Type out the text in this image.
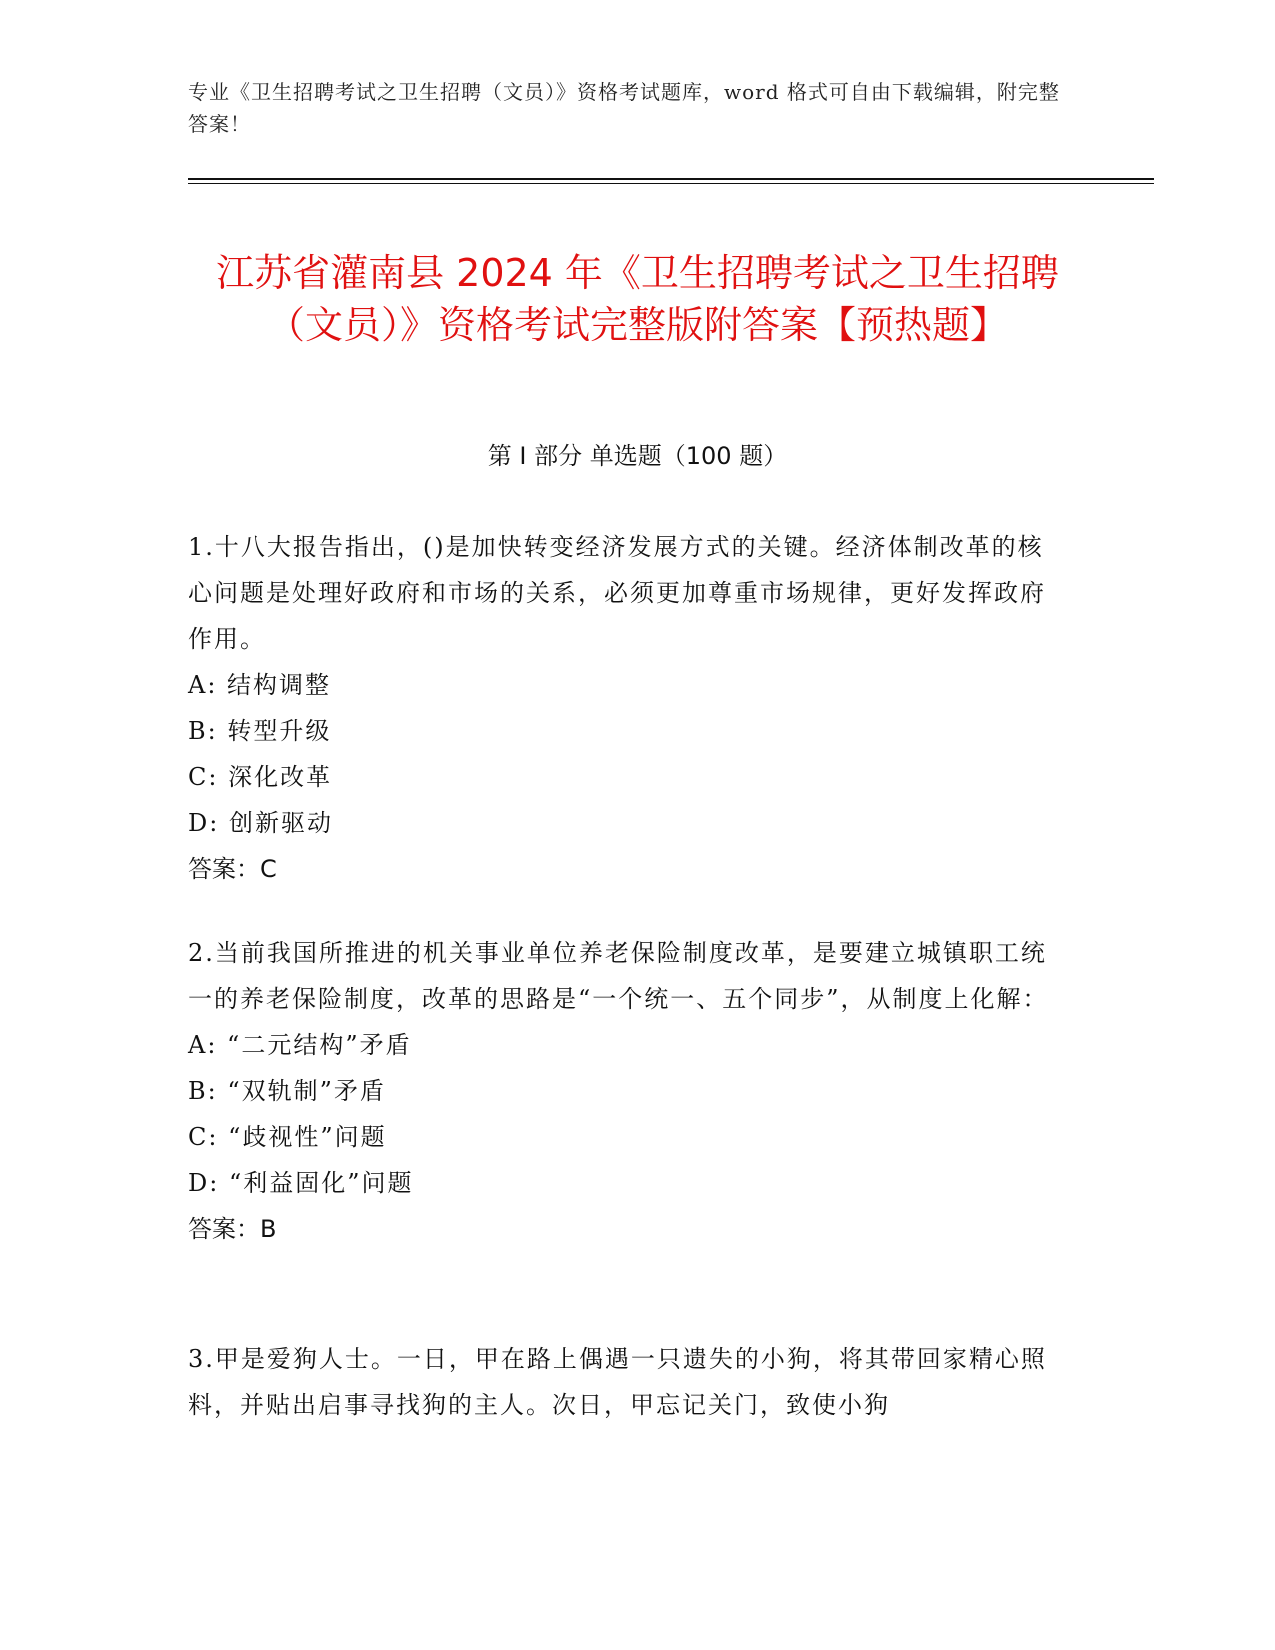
专业《卫生招聘考试之卫生招聘（文员）》资格考试题库，word 格式可自由下载编辑，附完整答案！
江苏省灌南县 2024 年《卫生招聘考试之卫生招聘（文员）》资格考试完整版附答案【预热题】
第 I 部分 单选题（100 题）

1.十八大报告指出，()是加快转变经济发展方式的关键。经济体制改革的核心问题是处理好政府和市场的关系，必须更加尊重市场规律，更好发挥政府作用。

A: 结构调整

B: 转型升级

C: 深化改革

D: 创新驱动

答案：C

2.当前我国所推进的机关事业单位养老保险制度改革，是要建立城镇职工统一的养老保险制度，改革的思路是“一个统一、五个同步”，从制度上化解：

A: “二元结构”矛盾

B: “双轨制”矛盾

C: “歧视性”问题

D: “利益固化”问题

答案：B

3.甲是爱狗人士。一日，甲在路上偶遇一只遗失的小狗，将其带回家精心照料，并贴出启事寻找狗的主人。次日，甲忘记关门，致使小狗
